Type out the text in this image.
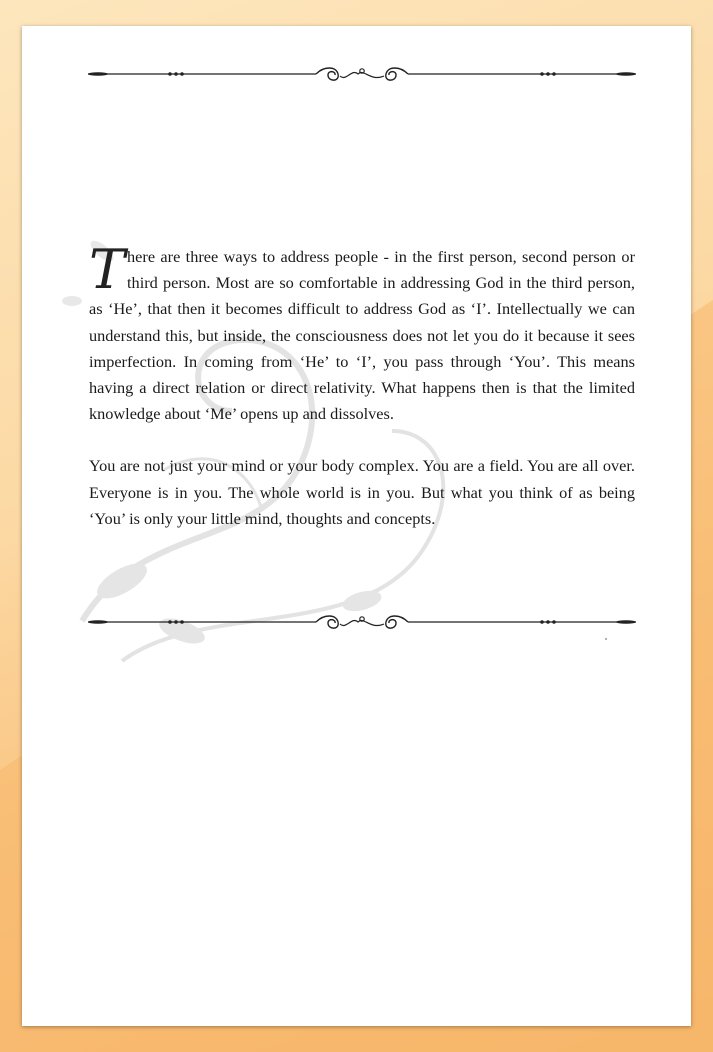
There are three ways to address people - in the first person, second person or third person. Most are so comfortable in addressing God in the third person, as ‘He’, that then it becomes difficult to address God as ‘I’. Intellectually we can understand this, but inside, the consciousness does not let you do it because it sees imperfection. In coming from ‘He’ to ‘I’, you pass through ‘You’. This means having a direct relation or direct relativity. What happens then is that the limited knowledge about ‘Me’ opens up and dissolves.

You are not just your mind or your body complex. You are a field. You are all over. Everyone is in you. The whole world is in you. But what you think of as being ‘You’ is only your little mind, thoughts and concepts.
